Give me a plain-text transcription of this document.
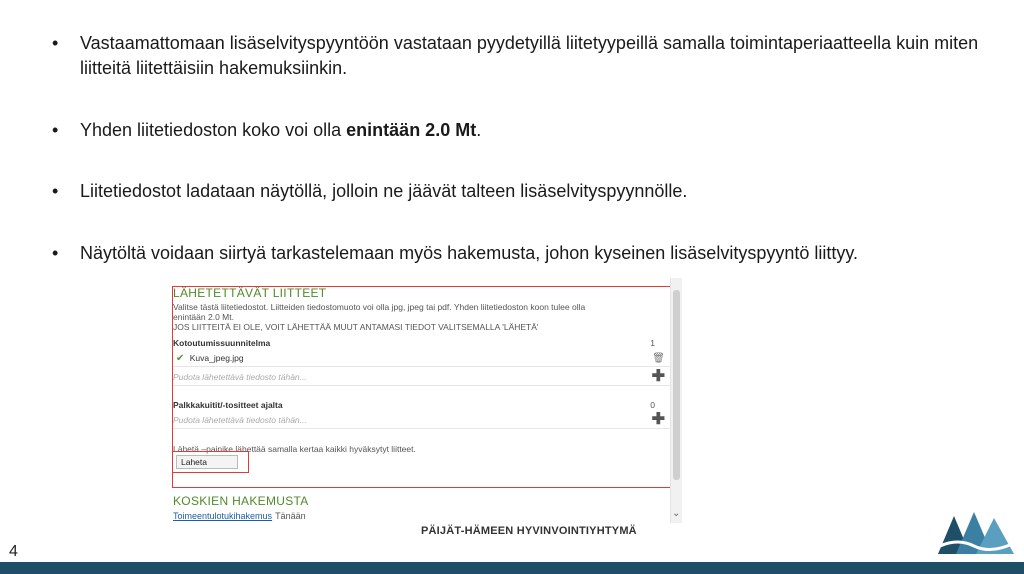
•	Vastaamattomaan lisäselvityspyyntöön vastataan pyydetyillä liitetyypeillä samalla toimintaperiaatteella kuin miten liitteitä liitettäisiin hakemuksiinkin.
•	Yhden liitetiedoston koko voi olla enintään 2.0 Mt.
•	Liitetiedostot ladataan näytöllä, jolloin ne jäävät talteen lisäselvityspyynnölle.
•	Näytöltä voidaan siirtyä tarkastelemaan myös hakemusta, johon kyseinen lisäselvityspyyntö liittyy.
LÄHETETTÄVÄT LIITTEET
Valitse tästä liitetiedostot. Liitteiden tiedostomuoto voi olla jpg, jpeg tai pdf. Yhden liitetiedoston koon tulee olla
enintään 2.0 Mt.
JOS LIITTEITÄ EI OLE, VOIT LÄHETTÄÄ MUUT ANTAMASI TIEDOT VALITSEMALLA 'LÄHETÄ'
Kotoutumissuunnitelma	1
✔ Kuva_jpeg.jpg	🗑
Pudota lähetettävä tiedosto tähän...	✚
Palkkakuitit/-tositteet ajalta	0
Pudota lähetettävä tiedosto tähän...	✚
Lähetä –painike lähettää samalla kertaa kaikki hyväksytyt liitteet.
Laheta
KOSKIEN HAKEMUSTA
Toimeentulotukihakemus Tänään	⌄
PÄIJÄT-HÄMEEN HYVINVOINTIYHTYMÄ
4
